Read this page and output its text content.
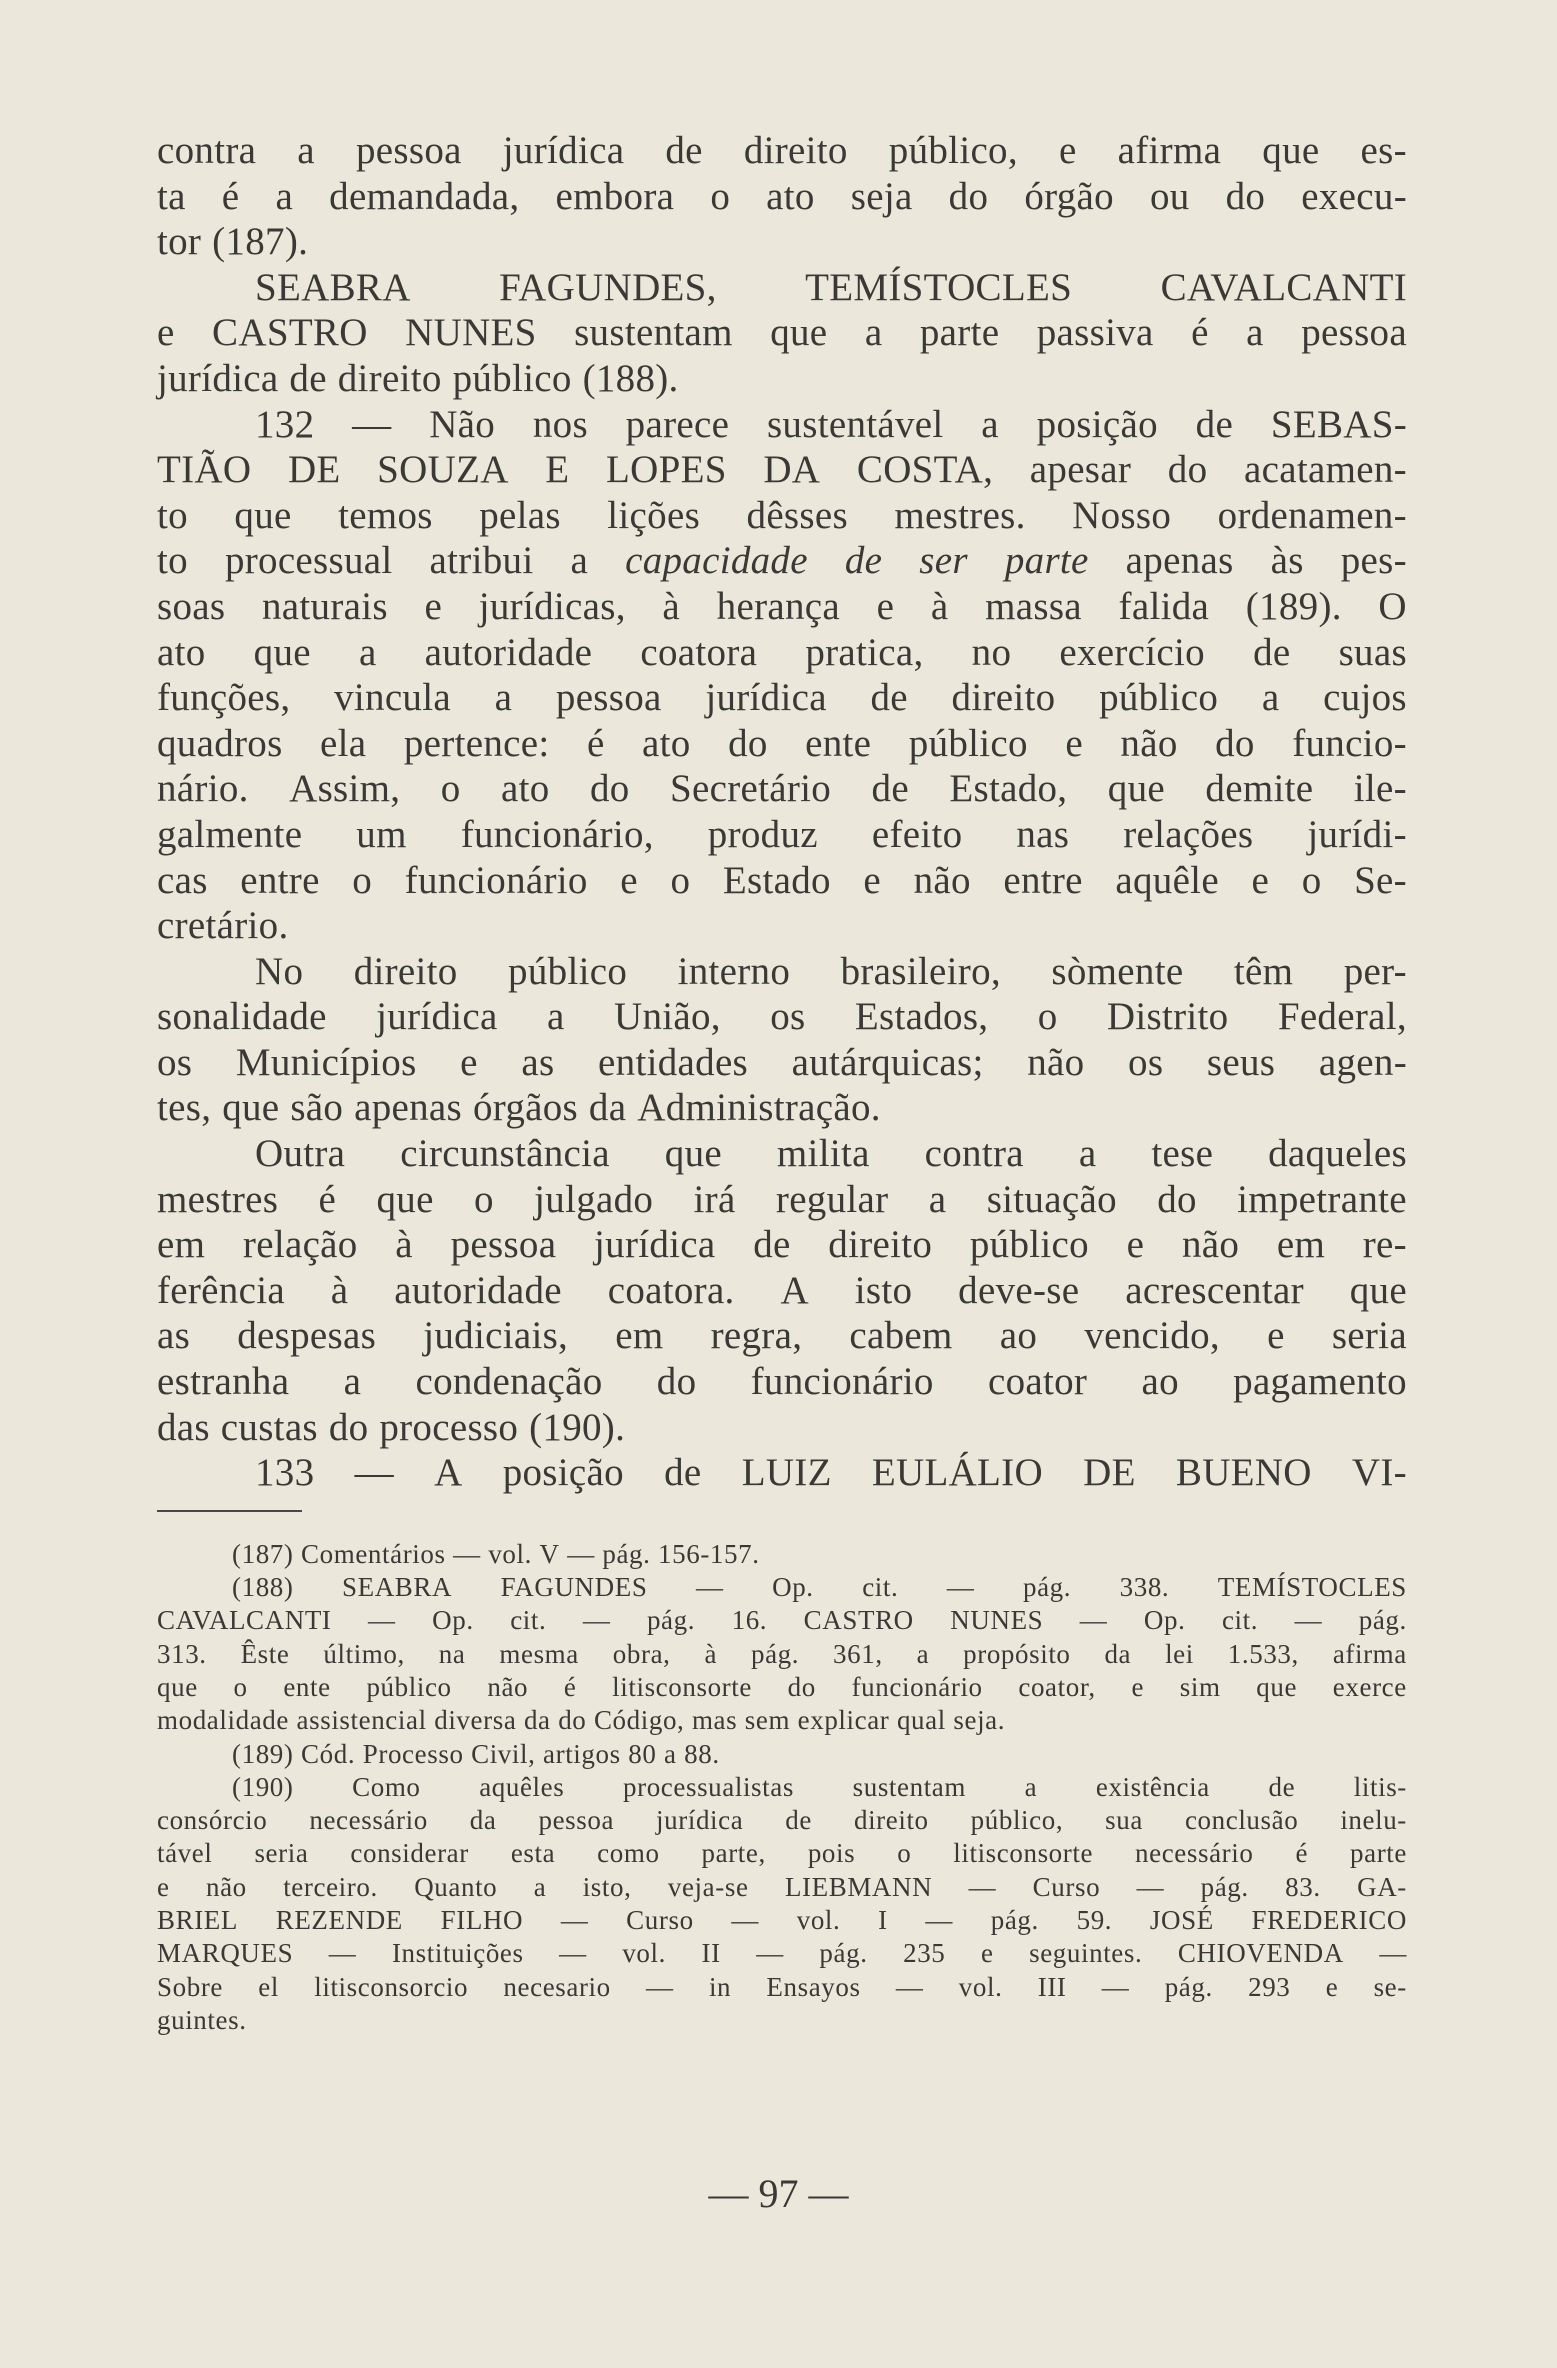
contra a pessoa jurídica de direito público, e afirma que es-
ta é a demandada, embora o ato seja do órgão ou do execu-
tor (187).
SEABRA FAGUNDES, TEMÍSTOCLES CAVALCANTI
e CASTRO NUNES sustentam que a parte passiva é a pessoa
jurídica de direito público (188).
132 — Não nos parece sustentável a posição de SEBAS-
TIÃO DE SOUZA E LOPES DA COSTA, apesar do acatamen-
to que temos pelas lições dêsses mestres. Nosso ordenamen-
to processual atribui a capacidade de ser parte apenas às pes-
soas naturais e jurídicas, à herança e à massa falida (189). O
ato que a autoridade coatora pratica, no exercício de suas
funções, vincula a pessoa jurídica de direito público a cujos
quadros ela pertence: é ato do ente público e não do funcio-
nário. Assim, o ato do Secretário de Estado, que demite ile-
galmente um funcionário, produz efeito nas relações jurídi-
cas entre o funcionário e o Estado e não entre aquêle e o Se-
cretário.
No direito público interno brasileiro, sòmente têm per-
sonalidade jurídica a União, os Estados, o Distrito Federal,
os Municípios e as entidades autárquicas; não os seus agen-
tes, que são apenas órgãos da Administração.
Outra circunstância que milita contra a tese daqueles
mestres é que o julgado irá regular a situação do impetrante
em relação à pessoa jurídica de direito público e não em re-
ferência à autoridade coatora. A isto deve-se acrescentar que
as despesas judiciais, em regra, cabem ao vencido, e seria
estranha a condenação do funcionário coator ao pagamento
das custas do processo (190).
133 — A posição de LUIZ EULÁLIO DE BUENO VI-
(187) Comentários — vol. V — pág. 156-157.
(188) SEABRA FAGUNDES — Op. cit. — pág. 338. TEMÍSTOCLES
CAVALCANTI — Op. cit. — pág. 16. CASTRO NUNES — Op. cit. — pág.
313. Êste último, na mesma obra, à pág. 361, a propósito da lei 1.533, afirma
que o ente público não é litisconsorte do funcionário coator, e sim que exerce
modalidade assistencial diversa da do Código, mas sem explicar qual seja.
(189) Cód. Processo Civil, artigos 80 a 88.
(190) Como aquêles processualistas sustentam a existência de litis-
consórcio necessário da pessoa jurídica de direito público, sua conclusão inelu-
tável seria considerar esta como parte, pois o litisconsorte necessário é parte
e não terceiro. Quanto a isto, veja-se LIEBMANN — Curso — pág. 83. GA-
BRIEL REZENDE FILHO — Curso — vol. I — pág. 59. JOSÉ FREDERICO
MARQUES — Instituições — vol. II — pág. 235 e seguintes. CHIOVENDA —
Sobre el litisconsorcio necesario — in Ensayos — vol. III — pág. 293 e se-
guintes.
— 97 —
